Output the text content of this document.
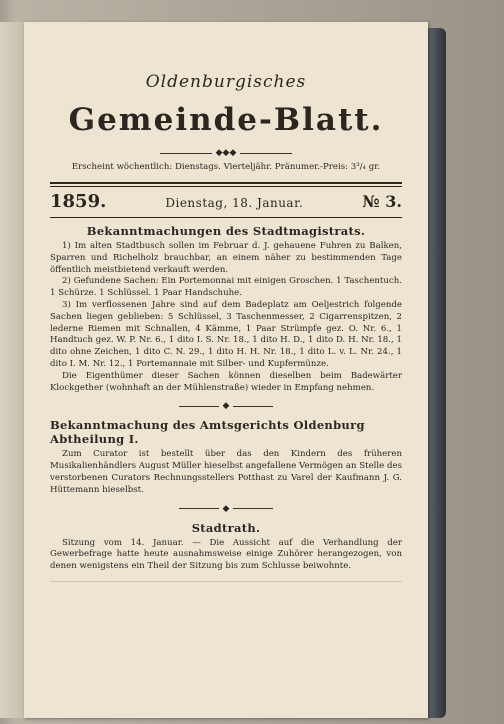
Oldenburgisches
Gemeinde-Blatt.
◆◆◆
Erscheint wöchentlich: Dienstags. Vierteljähr. Pränumer.-Preis: 3³/₄ gr.
1859.	Dienstag, 18. Januar.	№ 3.
Bekanntmachungen des Stadtmagistrats.

1) Im alten Stadtbusch sollen im Februar d. J. gehauene Fuhren zu Balken, Sparren und Richelholz brauchbar, an einem näher zu bestimmenden Tage öffentlich meistbietend verkauft werden.

2) Gefundene Sachen: Ein Portemonnai mit einigen Groschen. 1 Taschentuch. 1 Schürze. 1 Schlüssel. 1 Paar Handschuhe.

3) Im verflossenen Jahre sind auf dem Badeplatz am Oeljestrich folgende Sachen liegen geblieben: 5 Schlüssel, 3 Taschenmesser, 2 Cigarrenspitzen, 2 lederne Riemen mit Schnallen, 4 Kämme, 1 Paar Strümpfe gez. O. Nr. 6., 1 Handtuch gez. W. P. Nr. 6., 1 dito I. S. Nr. 18., 1 dito H. D., 1 dito D. H. Nr. 18., 1 dito ohne Zeichen, 1 dito C. N. 29., 1 dito H. H. Nr. 18., 1 dito L. v. L. Nr. 24., 1 dito I. M. Nr. 12., 1 Portemannaie mit Silber- und Kupfermünze.

Die Eigenthümer dieser Sachen können dieselben beim Badewärter Klockgether (wohnhaft an der Mühlenstraße) wieder in Empfang nehmen.

◆
Bekanntmachung des Amtsgerichts Oldenburg Abtheilung I.

Zum Curator ist bestellt über das den Kindern des früheren Musikalienhändlers August Müller hieselbst angefallene Vermögen an Stelle des verstorbenen Curators Rechnungsstellers Potthast zu Varel der Kaufmann J. G. Hüttemann hieselbst.

◆
Stadtrath.

Sitzung vom 14. Januar. — Die Aussicht auf die Verhandlung der Gewerbefrage hatte heute ausnahmsweise einige Zuhörer herangezogen, von denen wenigstens ein Theil der Sitzung bis zum Schlusse beiwohnte.
